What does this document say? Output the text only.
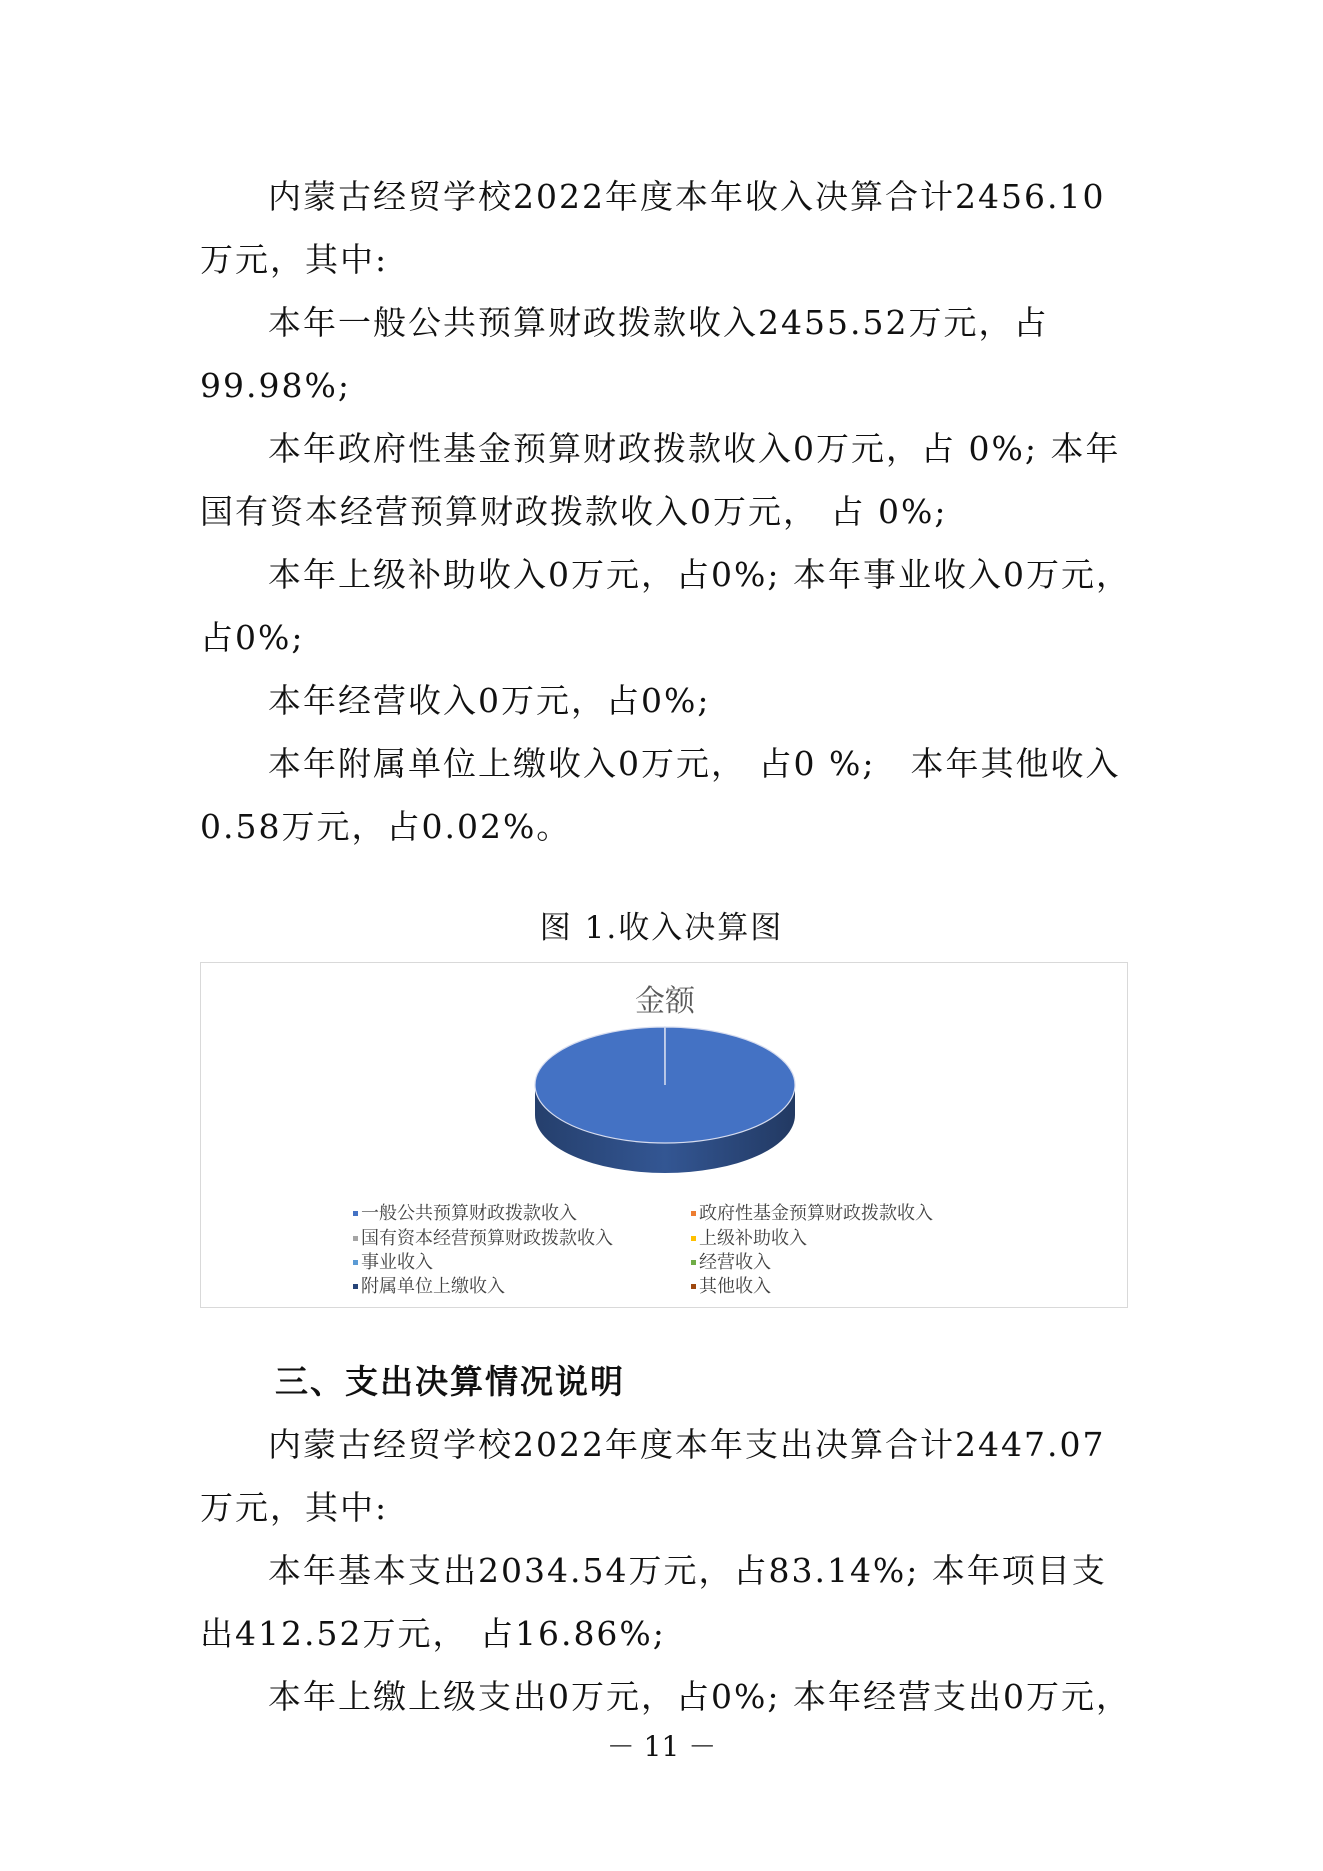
内蒙古经贸学校2022年度本年收入决算合计2456.10万元，其中:

本年一般公共预算财政拨款收入2455.52万元，占99.98%;

本年政府性基金预算财政拨款收入0万元，占 0%; 本年国有资本经营预算财政拨款收入0万元， 占 0%;

本年上级补助收入0万元，占0%; 本年事业收入0万元，占0%;

本年经营收入0万元，占0%;

本年附属单位上缴收入0万元， 占0 %;　本年其他收入0.58万元，占0.02%。

图 1.收入决算图
金额
一般公共预算财政拨款收入	政府性基金预算财政拨款收入
国有资本经营预算财政拨款收入	上级补助收入
事业收入	经营收入
附属单位上缴收入	其他收入
三、支出决算情况说明

内蒙古经贸学校2022年度本年支出决算合计2447.07万元，其中:

本年基本支出2034.54万元，占83.14%; 本年项目支出412.52万元， 占16.86%;

本年上缴上级支出0万元，占0%; 本年经营支出0万元，

－ 11 －
